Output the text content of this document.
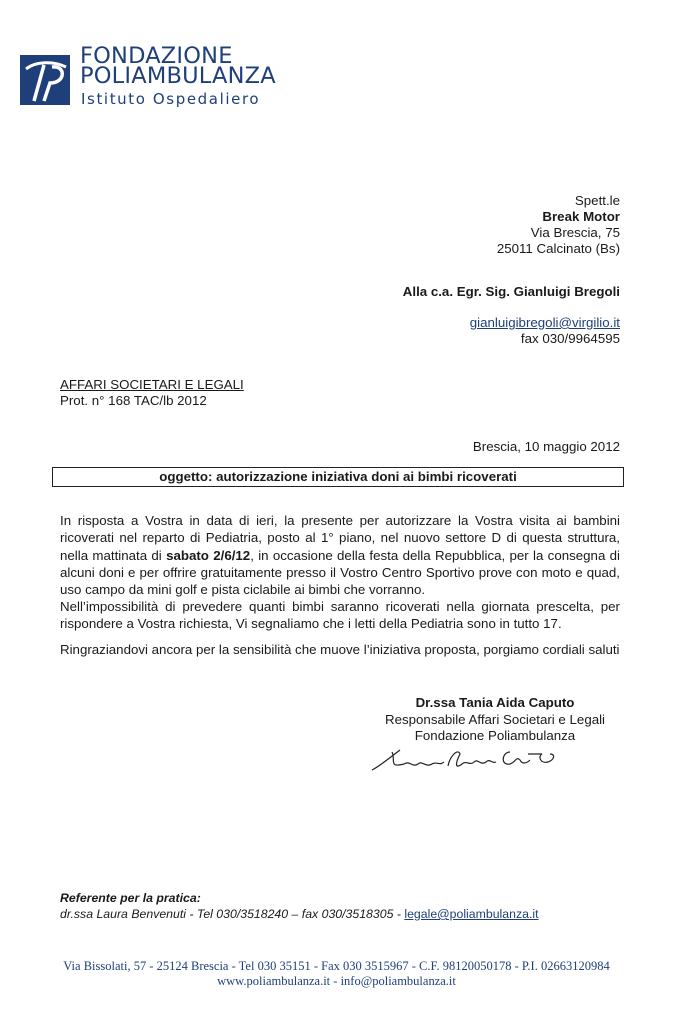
FONDAZIONE
POLIAMBULANZA
Istituto Ospedaliero
Spett.le
Break Motor
Via Brescia, 75
25011 Calcinato (Bs)
Alla c.a. Egr. Sig. Gianluigi Bregoli
gianluigibregoli@virgilio.it
fax 030/9964595
AFFARI SOCIETARI E LEGALI
Prot. n° 168 TAC/lb 2012
Brescia, 10 maggio 2012
oggetto: autorizzazione iniziativa doni ai bimbi ricoverati

In risposta a Vostra in data di ieri, la presente per autorizzare la Vostra visita ai bambini ricoverati nel reparto di Pediatria, posto al 1° piano, nel nuovo settore D di questa struttura, nella mattinata di sabato 2/6/12, in occasione della festa della Repubblica, per la consegna di alcuni doni e per offrire gratuitamente presso il Vostro Centro Sportivo prove con moto e quad, uso campo da mini golf e pista ciclabile ai bimbi che vorranno.

Nell’impossibilità di prevedere quanti bimbi saranno ricoverati nella giornata prescelta, per rispondere a Vostra richiesta, Vi segnaliamo che i letti della Pediatria sono in tutto 17.

Ringraziandovi ancora per la sensibilità che muove l’iniziativa proposta, porgiamo cordiali saluti

Dr.ssa Tania Aida Caputo
Responsabile Affari Societari e Legali
Fondazione Poliambulanza
Referente per la pratica:
dr.ssa Laura Benvenuti - Tel 030/3518240 – fax 030/3518305 - legale@poliambulanza.it
Via Bissolati, 57 - 25124 Brescia - Tel 030 35151 - Fax 030 3515967 - C.F. 98120050178 - P.I. 02663120984
www.poliambulanza.it - info@poliambulanza.it
